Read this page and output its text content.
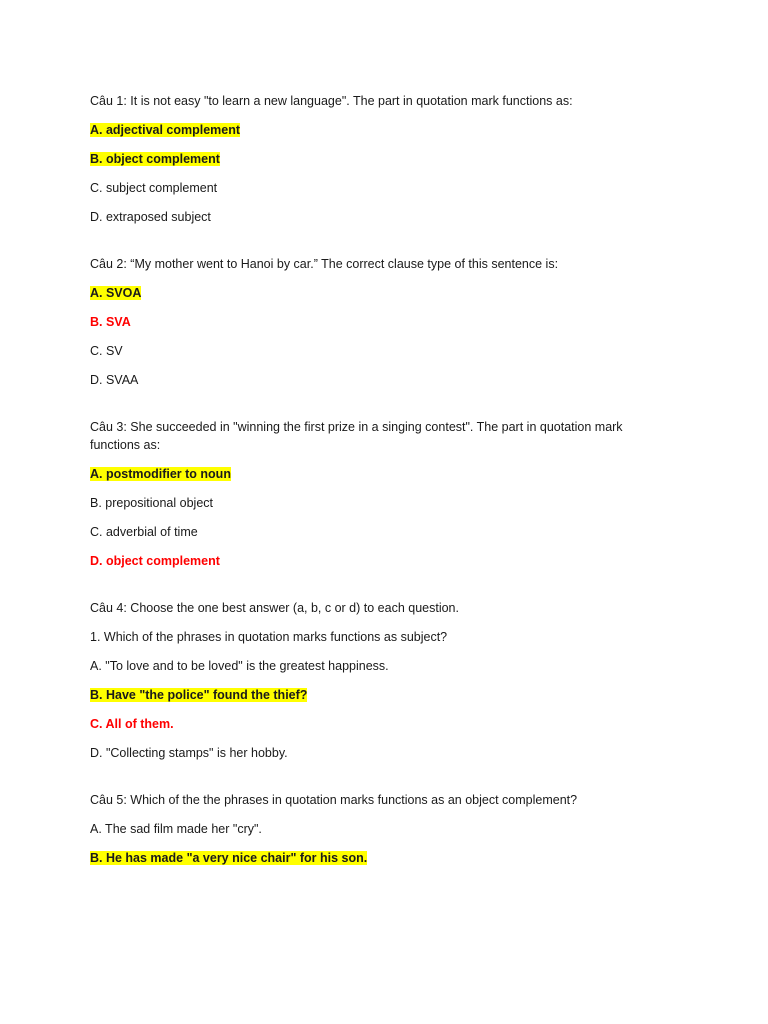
Câu 1: It is not easy "to learn a new language". The part in quotation mark functions as:
A. adjectival complement
B. object complement
C. subject complement
D. extraposed subject
Câu 2: “My mother went to Hanoi by car.” The correct clause type of this sentence is:
A. SVOA
B. SVA
C. SV
D. SVAA
Câu 3: She succeeded in "winning the first prize in a singing contest". The part in quotation mark functions as:
A. postmodifier to noun
B. prepositional object
C. adverbial of time
D. object complement
Câu 4: Choose the one best answer (a, b, c or d) to each question.
1. Which of the phrases in quotation marks functions as subject?
A. "To love and to be loved" is the greatest happiness.
B. Have "the police" found the thief?
C. All of them.
D. "Collecting stamps" is her hobby.
Câu 5: Which of the the phrases in quotation marks functions as an object complement?
A. The sad film made her "cry".
B. He has made "a very nice chair" for his son.
